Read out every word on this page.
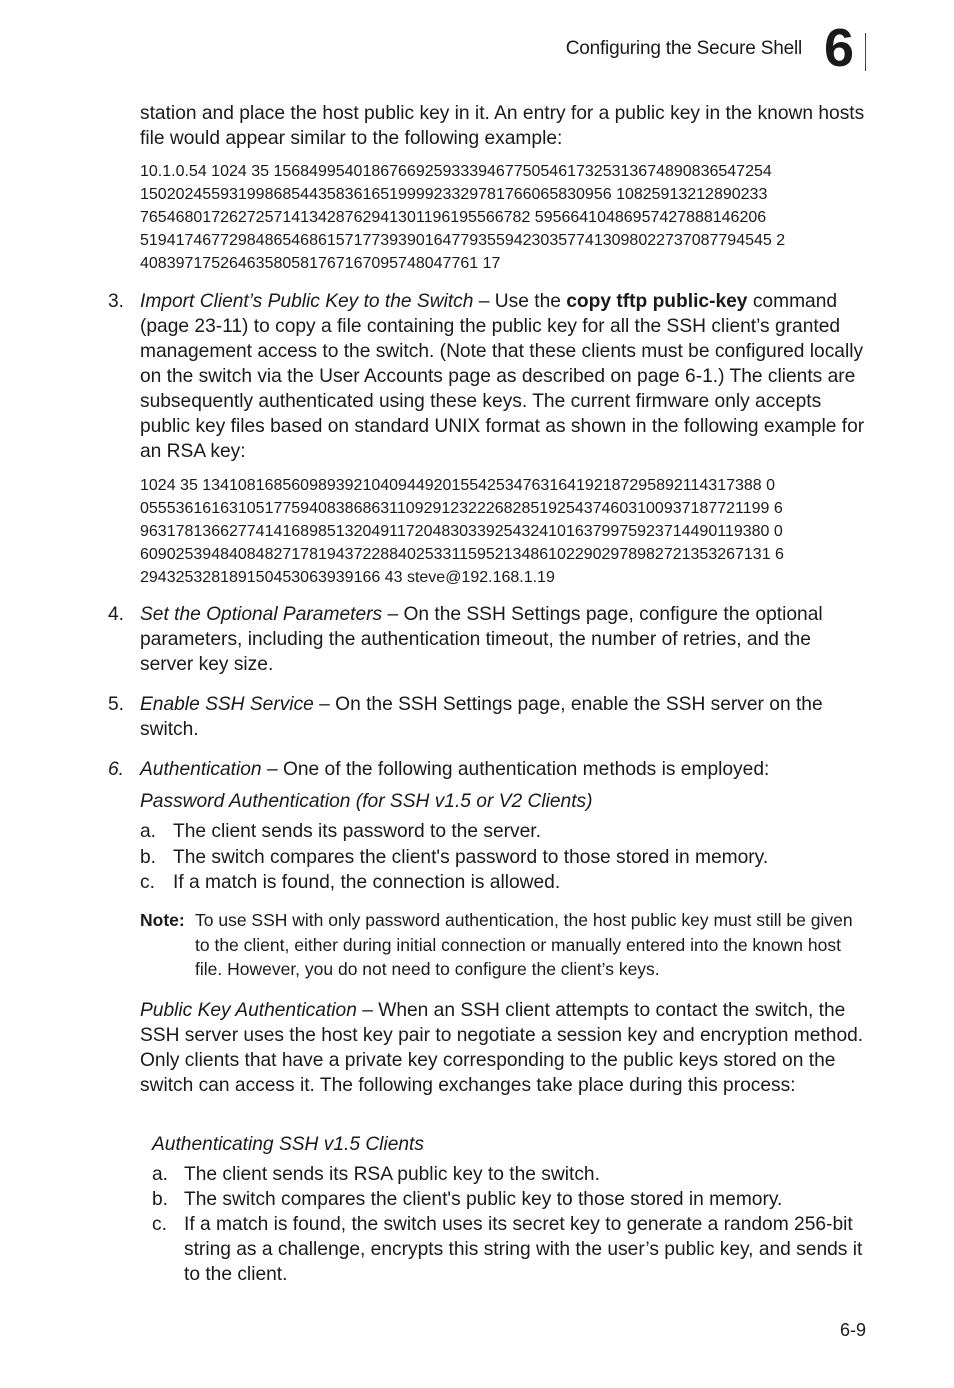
Configuring the Secure Shell 6
station and place the host public key in it. An entry for a public key in the known hosts file would appear similar to the following example:
10.1.0.54 1024 35 15684995401867669259333946775054617325313674890836547254
15020245593199868544358361651999923329781766065830956 10825913212890233
76546801726272571413428762941301196195566782 59566410486957427888146206
51941746772984865468615717739390164779355942303577413098022737087794545 2
40839717526463580581767167095748047761 17
3. Import Client’s Public Key to the Switch – Use the copy tftp public-key command (page 23-11) to copy a file containing the public key for all the SSH client’s granted management access to the switch. (Note that these clients must be configured locally on the switch via the User Accounts page as described on page 6-1.) The clients are subsequently authenticated using these keys. The current firmware only accepts public key files based on standard UNIX format as shown in the following example for an RSA key:
1024 35 134108168560989392104094492015542534763164192187295892114317388 0
05553616163105177594083868631109291232226828519254374603100937187721199 6
96317813662774141689851320491172048303392543241016379975923714490119380 0
60902539484084827178194372288402533115952134861022902978982721353267131 6
294325328189150453063939166 43 steve@192.168.1.19
4. Set the Optional Parameters – On the SSH Settings page, configure the optional parameters, including the authentication timeout, the number of retries, and the server key size.
5. Enable SSH Service – On the SSH Settings page, enable the SSH server on the switch.
6. Authentication – One of the following authentication methods is employed:
Password Authentication (for SSH v1.5 or V2 Clients)
a. The client sends its password to the server.
b. The switch compares the client's password to those stored in memory.
c. If a match is found, the connection is allowed.
Note: To use SSH with only password authentication, the host public key must still be given to the client, either during initial connection or manually entered into the known host file. However, you do not need to configure the client’s keys.
Public Key Authentication – When an SSH client attempts to contact the switch, the SSH server uses the host key pair to negotiate a session key and encryption method. Only clients that have a private key corresponding to the public keys stored on the switch can access it. The following exchanges take place during this process:
Authenticating SSH v1.5 Clients
a. The client sends its RSA public key to the switch.
b. The switch compares the client's public key to those stored in memory.
c. If a match is found, the switch uses its secret key to generate a random 256-bit string as a challenge, encrypts this string with the user’s public key, and sends it to the client.
6-9
